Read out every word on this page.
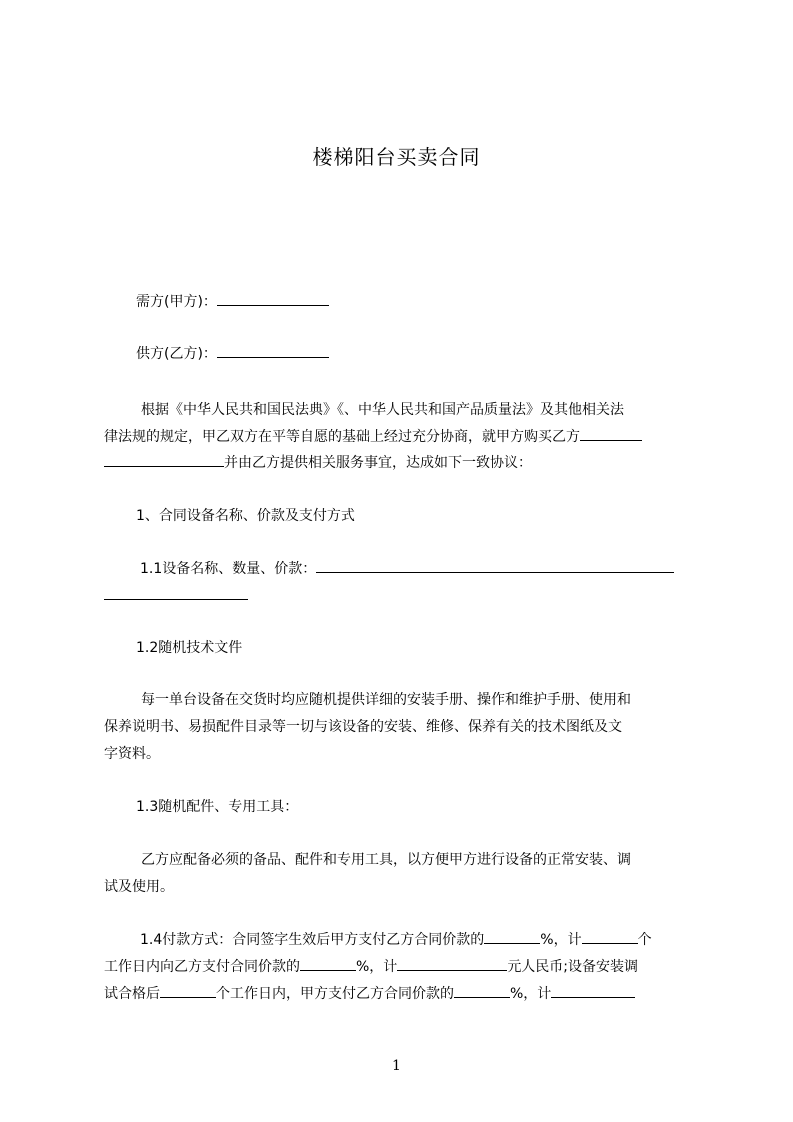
楼梯阳台买卖合同
需方(甲方)：
供方(乙方)：
根据《中华人民共和国民法典》《、中华人民共和国产品质量法》及其他相关法
律法规的规定，甲乙双方在平等自愿的基础上经过充分协商，就甲方购买乙方
并由乙方提供相关服务事宜，达成如下一致协议：
1、合同设备名称、价款及支付方式
1.1设备名称、数量、价款：
1.2随机技术文件
每一单台设备在交货时均应随机提供详细的安装手册、操作和维护手册、使用和
保养说明书、易损配件目录等一切与该设备的安装、维修、保养有关的技术图纸及文
字资料。
1.3随机配件、专用工具：
乙方应配备必须的备品、配件和专用工具，以方便甲方进行设备的正常安装、调
试及使用。
1.4付款方式：合同签字生效后甲方支付乙方合同价款的	%，计	个
工作日内向乙方支付合同价款的	%，计	元人民币;设备安装调
试合格后	个工作日内，甲方支付乙方合同价款的	%，计
1
